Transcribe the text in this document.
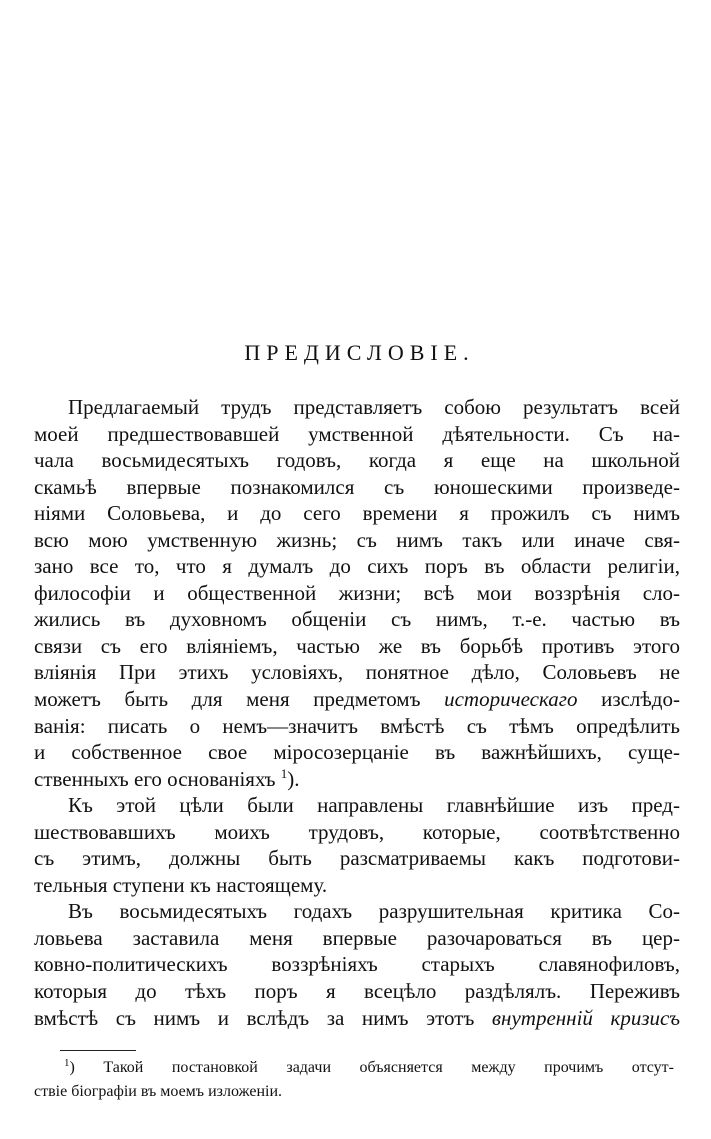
ПРЕДИСЛОВIЕ.
Предлагаемый трудъ представляетъ собою результатъ всей
моей предшествовавшей умственной дѣятельности. Съ на-
чала восьмидесятыхъ годовъ, когда я еще на школьной
скамьѣ впервые познакомился съ юношескими произведе-
нiями Соловьева, и до сего времени я прожилъ съ нимъ
всю мою умственную жизнь; съ нимъ такъ или иначе свя-
зано все то, что я думалъ до сихъ поръ въ области религiи,
философiи и общественной жизни; всѣ мои воззрѣнiя сло-
жились въ духовномъ общенiи съ нимъ, т.-е. частью въ
связи съ его влiянiемъ, частью же въ борьбѣ противъ этого
влiянiя При этихъ условiяхъ, понятное дѣло, Соловьевъ не
можетъ быть для меня предметомъ историческаго изслѣдо-
ванiя: писать о немъ—значитъ вмѣстѣ съ тѣмъ опредѣлить
и собственное свое мiросозерцанiе въ важнѣйшихъ, суще-
ственныхъ его основанiяхъ $^1$).
Къ этой цѣли были направлены главнѣйшие изъ пред-
шествовавшихъ моихъ трудовъ, которые, соотвѣтственно
съ этимъ, должны быть разсматриваемы какъ подготови-
тельныя ступени къ настоящему.
Въ восьмидесятыхъ годахъ разрушительная критика Со-
ловьева заставила меня впервые разочароваться въ цер-
ковно-политическихъ воззрѣнiяхъ старыхъ славянофиловъ,
которыя до тѣхъ поръ я всецѣло раздѣлялъ. Переживъ
вмѣстѣ съ нимъ и вслѣдъ за нимъ этотъ внутреннiй кризисъ
$^1$) Такой постановкой задачи объясняется между прочимъ отсут-
ствiе бiографiи въ моемъ изложенiи.
